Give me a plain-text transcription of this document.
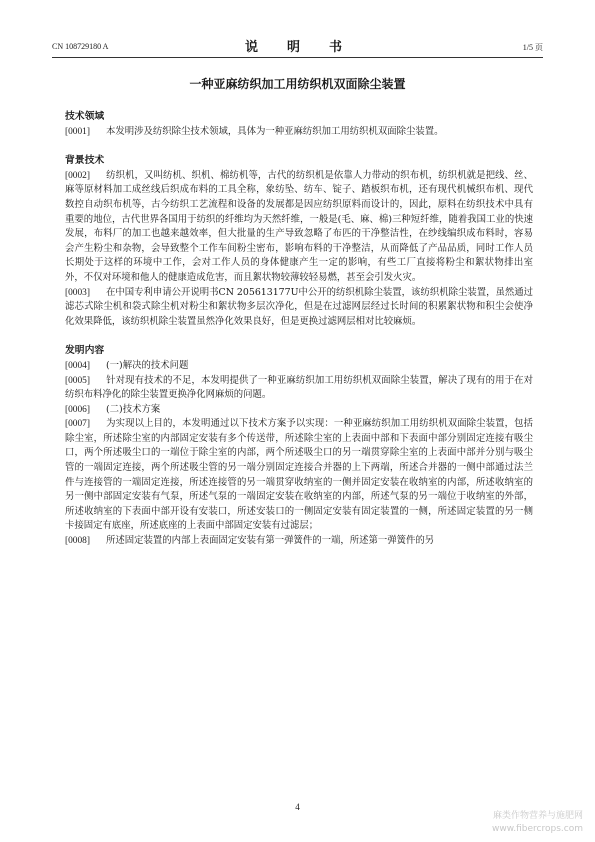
CN 108729180 A	说　明　书	1/5 页
一种亚麻纺织加工用纺织机双面除尘装置

技术领域

[0001] 本发明涉及纺织除尘技术领域，具体为一种亚麻纺织加工用纺织机双面除尘装置。

背景技术

[0002] 纺织机，又叫纺机、织机、棉纺机等，古代的纺织机是依靠人力带动的织布机，纺织机就是把线、丝、麻等原材料加工成丝线后织成布料的工具全称，象纺坠、纺车、锭子、踏板织布机，还有现代机械织布机、现代数控自动织布机等，古今纺织工艺流程和设备的发展都是因应纺织原料而设计的，因此，原料在纺织技术中具有重要的地位，古代世界各国用于纺织的纤维均为天然纤维，一般是(毛、麻、棉)三种短纤维，随着我国工业的快速发展，布料厂的加工也越来越效率，但大批量的生产导致忽略了布匹的干净整洁性，在纱线编织成布料时，容易会产生粉尘和杂物，会导致整个工作车间粉尘密布，影响布料的干净整洁，从而降低了产品品质，同时工作人员长期处于这样的环境中工作，会对工作人员的身体健康产生一定的影响，有些工厂直接将粉尘和絮状物排出室外，不仅对环境和他人的健康造成危害，而且絮状物较薄较轻易燃，甚至会引发火灾。

[0003] 在中国专利申请公开说明书CN 205613177U中公开的纺织机除尘装置，该纺织机除尘装置，虽然通过滤芯式除尘机和袋式除尘机对粉尘和絮状物多层次净化，但是在过滤网层经过长时间的积累絮状物和积尘会使净化效果降低，该纺织机除尘装置虽然净化效果良好，但是更换过滤网层相对比较麻烦。

发明内容

[0004] (一)解决的技术问题

[0005] 针对现有技术的不足，本发明提供了一种亚麻纺织加工用纺织机双面除尘装置，解决了现有的用于在对纺织布料净化的除尘装置更换净化网麻烦的问题。

[0006] (二)技术方案

[0007] 为实现以上目的，本发明通过以下技术方案予以实现：一种亚麻纺织加工用纺织机双面除尘装置，包括除尘室，所述除尘室的内部固定安装有多个传送带，所述除尘室的上表面中部和下表面中部分别固定连接有吸尘口，两个所述吸尘口的一端位于除尘室的内部，两个所述吸尘口的另一端贯穿除尘室的上表面中部并分别与吸尘管的一端固定连接，两个所述吸尘管的另一端分别固定连接合并器的上下两端，所述合并器的一侧中部通过法兰件与连接管的一端固定连接，所述连接管的另一端贯穿收纳室的一侧并固定安装在收纳室的内部，所述收纳室的另一侧中部固定安装有气泵，所述气泵的一端固定安装在收纳室的内部，所述气泵的另一端位于收纳室的外部，所述收纳室的下表面中部开设有安装口，所述安装口的一侧固定安装有固定装置的一侧，所述固定装置的另一侧卡接固定有底座，所述底座的上表面中部固定安装有过滤层；

[0008] 所述固定装置的内部上表面固定安装有第一弹簧件的一端，所述第一弹簧件的另

4
麻类作物营养与施肥网
www.fibercrops.com
